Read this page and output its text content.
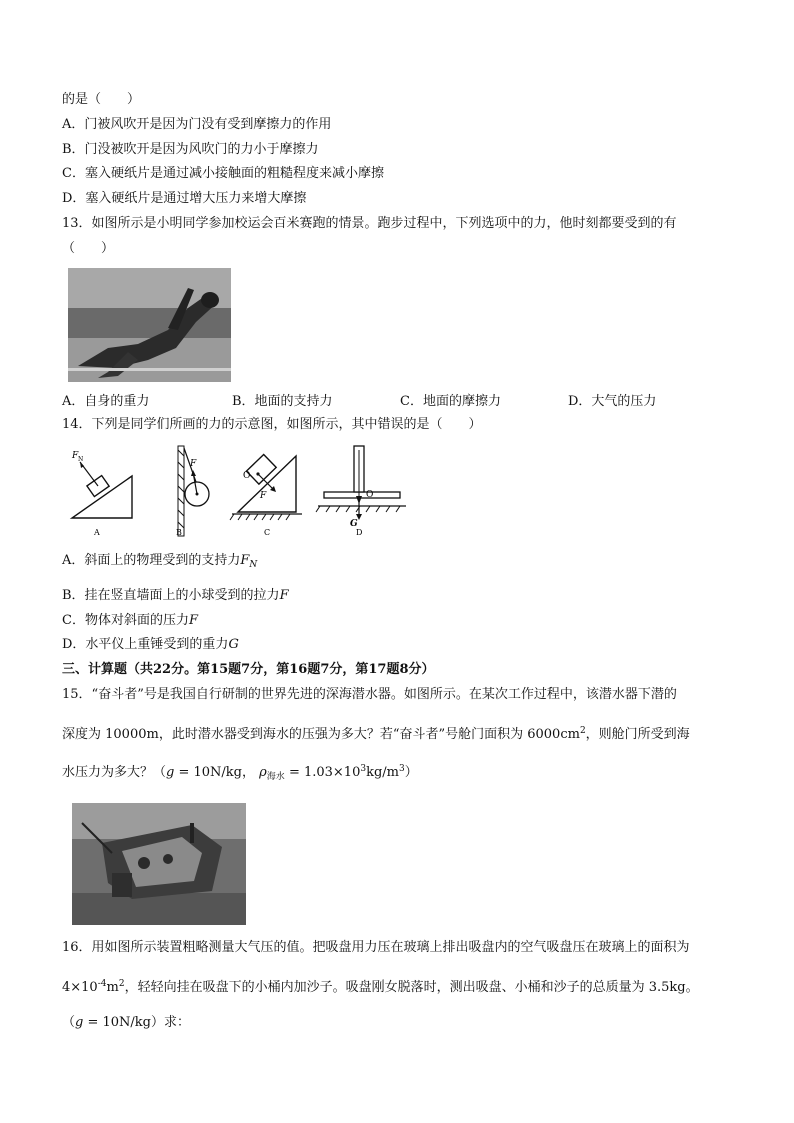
的是（　　）
A．门被风吹开是因为门没有受到摩擦力的作用
B．门没被吹开是因为风吹门的力小于摩擦力
C．塞入硬纸片是通过减小接触面的粗糙程度来减小摩擦
D．塞入硬纸片是通过增大压力来增大摩擦
13．如图所示是小明同学参加校运会百米赛跑的情景。跑步过程中，下列选项中的力，他时刻都要受到的有
（　　）
A．自身的重力	B．地面的支持力	C．地面的摩擦力	D．大气的压力
14．下列是同学们所画的力的示意图，如图所示，其中错误的是（　　）
F N
A
F
B
O
F
C
O
G
D
A．斜面上的物理受到的支持力$F_N$
B．挂在竖直墙面上的小球受到的拉力F
C．物体对斜面的压力F
D．水平仪上重锤受到的重力G
三、计算题（共22分。第15题7分，第16题7分，第17题8分）
15．“奋斗者”号是我国自行研制的世界先进的深海潜水器。如图所示。在某次工作过程中，该潜水器下潜的
深度为 10000m，此时潜水器受到海水的压强为多大？若“奋斗者”号舱门面积为 $6000cm^2$，则舱门所受到海
水压力为多大？（g = 10N/kg， $\rho_{海水} = 1.03\times 10^3kg/m^3$）
16．用如图所示装置粗略测量大气压的值。把吸盘用力压在玻璃上排出吸盘内的空气吸盘压在玻璃上的面积为
$4\times 10^{-4}m^2$，轻轻向挂在吸盘下的小桶内加沙子。吸盘刚女脱落时，测出吸盘、小桶和沙子的总质量为 3.5kg。
（g = 10N/kg）求：
